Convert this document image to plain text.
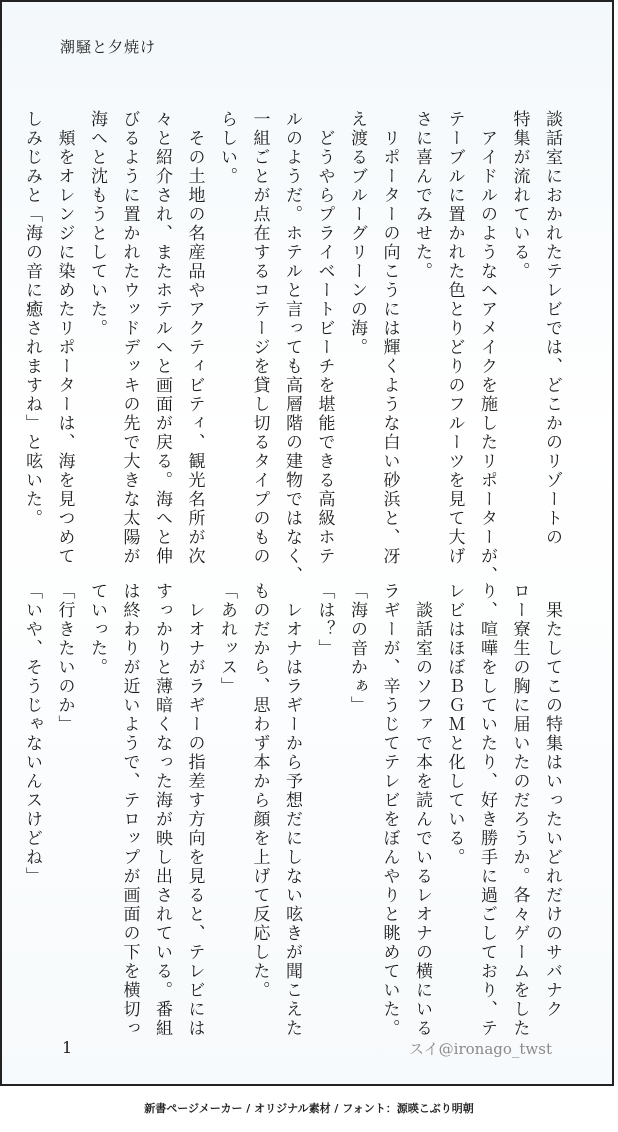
潮騒と夕焼け
談話室におかれたテレビでは、どこかのリゾートの
特集が流れている。
　アイドルのようなヘアメイクを施したリポーターが、
テーブルに置かれた色とりどりのフルーツを見て大げ
さに喜んでみせた。
　リポーターの向こうには輝くような白い砂浜と、冴
え渡るブルーグリーンの海。
　どうやらプライベートビーチを堪能できる高級ホテ
ルのようだ。ホテルと言っても高層階の建物ではなく、
一組ごとが点在するコテージを貸し切るタイプのもの
らしい。
　その土地の名産品やアクティビティ、観光名所が次
々と紹介され、またホテルへと画面が戻る。海へと伸
びるように置かれたウッドデッキの先で大きな太陽が
海へと沈もうとしていた。
　頬をオレンジに染めたリポーターは、海を見つめて
しみじみと「海の音に癒されますね」と呟いた。
　果たしてこの特集はいったいどれだけのサバナク
ロー寮生の胸に届いたのだろうか。各々ゲームをした
り、喧嘩をしていたり、好き勝手に過ごしており、テ
レビはほぼＢＧＭと化している。
　談話室のソファで本を読んでいるレオナの横にいる
ラギーが、辛うじてテレビをぼんやりと眺めていた。
「海の音かぁ」
「は？」
　レオナはラギーから予想だにしない呟きが聞こえた
ものだから、思わず本から顔を上げて反応した。
「あれッス」
　レオナがラギーの指差す方向を見ると、テレビには
すっかりと薄暗くなった海が映し出されている。番組
は終わりが近いようで、テロップが画面の下を横切っ
ていった。
「行きたいのか」
「いや、そうじゃないんスけどね」
1	スイ@ironago_twst
新書ページメーカー / オリジナル素材 / フォント：源暎こぶり明朝
